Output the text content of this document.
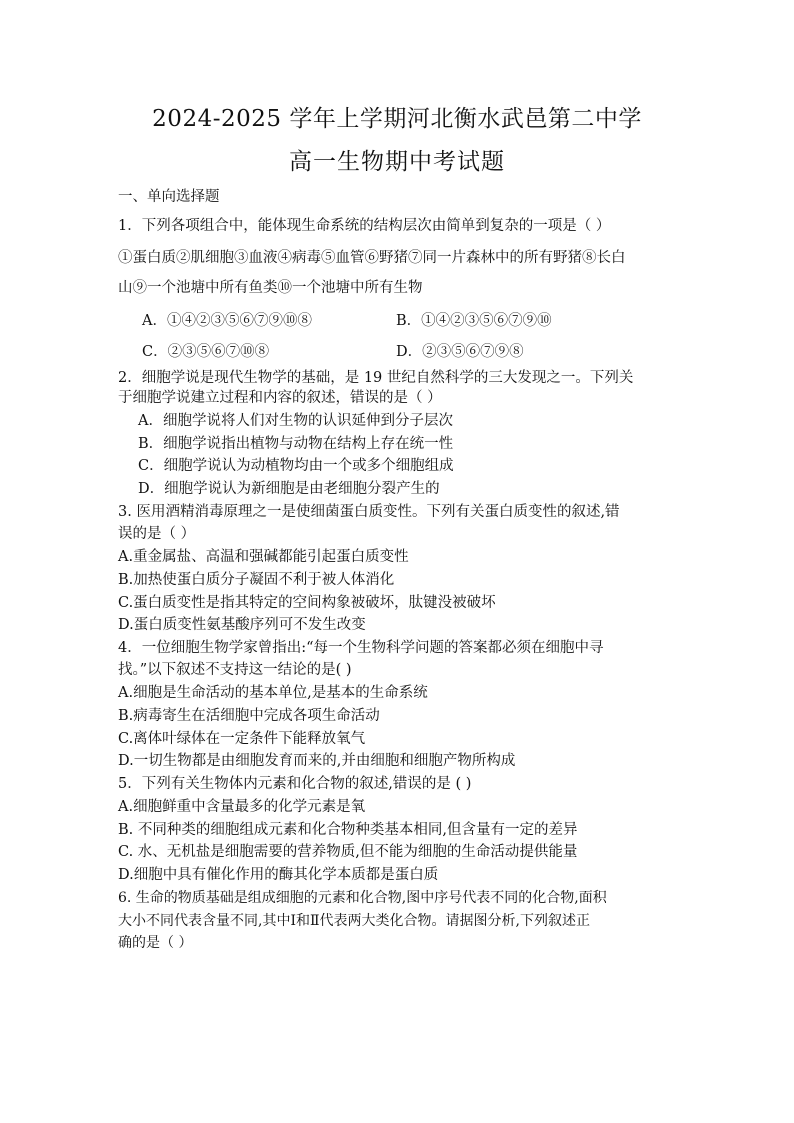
2024-2025 学年上学期河北衡水武邑第二中学
高一生物期中考试题
一、单向选择题
1．下列各项组合中，能体现生命系统的结构层次由简单到复杂的一项是（ ）
①蛋白质②肌细胞③血液④病毒⑤血管⑥野猪⑦同一片森林中的所有野猪⑧长白
山⑨一个池塘中所有鱼类⑩一个池塘中所有生物
A．①④②③⑤⑥⑦⑨⑩⑧	B．①④②③⑤⑥⑦⑨⑩
C．②③⑤⑥⑦⑩⑧	D．②③⑤⑥⑦⑨⑧
2．细胞学说是现代生物学的基础，是 19 世纪自然科学的三大发现之一。下列关
于细胞学说建立过程和内容的叙述，错误的是（ ）
A．细胞学说将人们对生物的认识延伸到分子层次
B．细胞学说指出植物与动物在结构上存在统一性
C．细胞学说认为动植物均由一个或多个细胞组成
D．细胞学说认为新细胞是由老细胞分裂产生的
3. 医用酒精消毒原理之一是使细菌蛋白质变性。下列有关蛋白质变性的叙述,错
误的是（ ）
A.重金属盐、高温和强碱都能引起蛋白质变性
B.加热使蛋白质分子凝固不利于被人体消化
C.蛋白质变性是指其特定的空间构象被破坏，肽键没被破坏
D.蛋白质变性氨基酸序列可不发生改变
4．一位细胞生物学家曾指出:“每一个生物科学问题的答案都必须在细胞中寻
找。”以下叙述不支持这一结论的是( )
A.细胞是生命活动的基本单位,是基本的生命系统
B.病毒寄生在活细胞中完成各项生命活动
C.离体叶绿体在一定条件下能释放氧气
D.一切生物都是由细胞发育而来的,并由细胞和细胞产物所构成
5．下列有关生物体内元素和化合物的叙述,错误的是 ( )
A.细胞鲜重中含量最多的化学元素是氧
B. 不同种类的细胞组成元素和化合物种类基本相同,但含量有一定的差异
C. 水、无机盐是细胞需要的营养物质,但不能为细胞的生命活动提供能量
D.细胞中具有催化作用的酶其化学本质都是蛋白质
6. 生命的物质基础是组成细胞的元素和化合物,图中序号代表不同的化合物,面积
大小不同代表含量不同,其中Ⅰ和Ⅱ代表两大类化合物。请据图分析,下列叙述正
确的是（ ）
